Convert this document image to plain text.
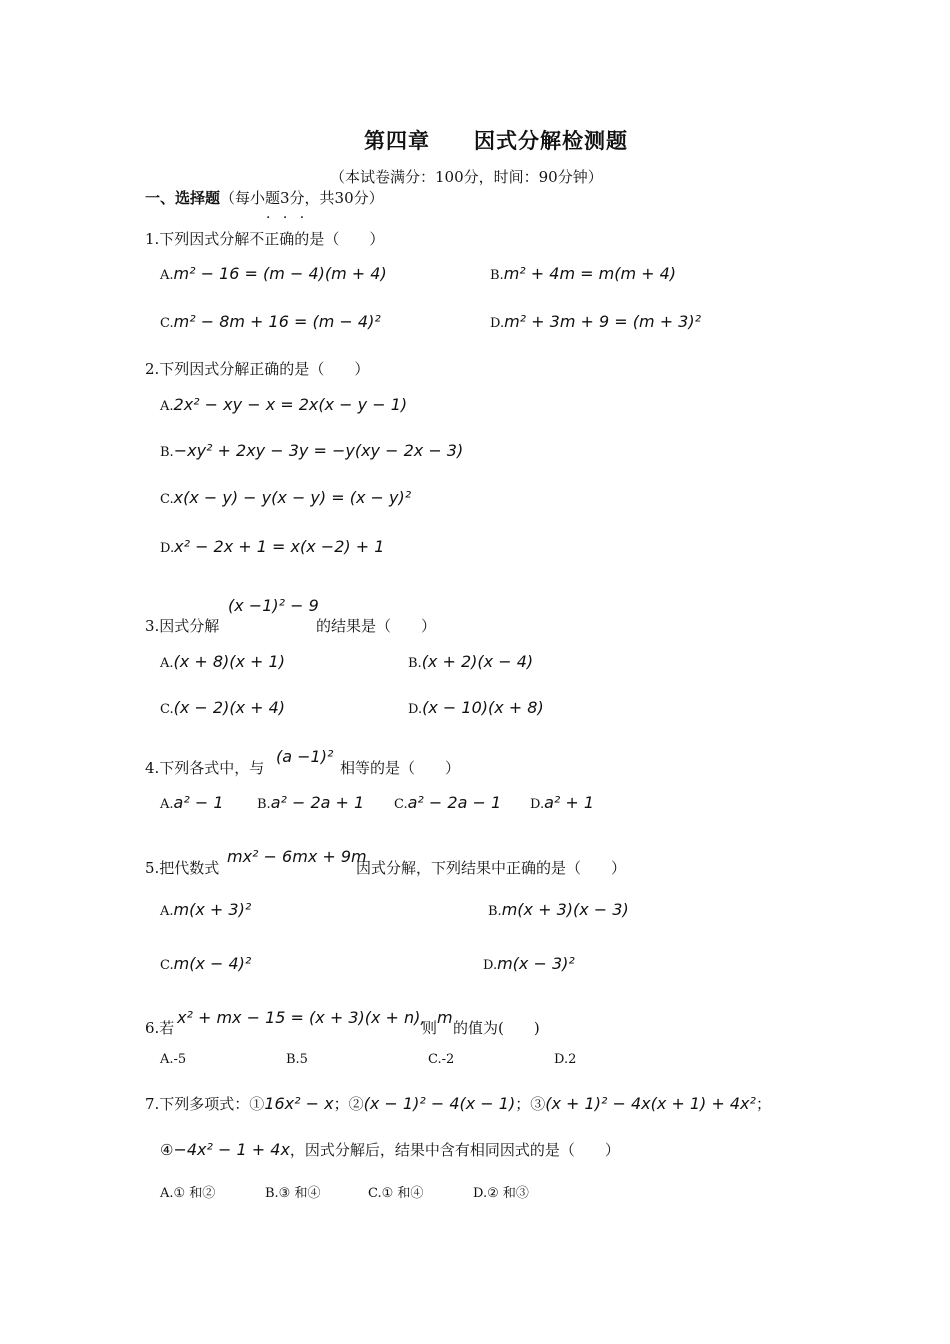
第四章　　因式分解检测题
（本试卷满分：100分，时间：90分钟）
一、选择题（每小题3分，共30分）
· · ·
1.下列因式分解不正确的是（　　）
A.m² − 16 = (m − 4)(m + 4)	B.m² + 4m = m(m + 4)
C.m² − 8m + 16 = (m − 4)²	D.m² + 3m + 9 = (m + 3)²
2.下列因式分解正确的是（　　）
A.2x² − xy − x = 2x(x − y − 1)
B.−xy² + 2xy − 3y = −y(xy − 2x − 3)
C.x(x − y) − y(x − y) = (x − y)²
D.x² − 2x + 1 = x(x −2) + 1
3.因式分解
(x −1)² − 9
的结果是（　　）
A.(x + 8)(x + 1)	B.(x + 2)(x − 4)
C.(x − 2)(x + 4)	D.(x − 10)(x + 8)
4.下列各式中，与
(a −1)²
相等的是（　　）
A.a² − 1	B.a² − 2a + 1 C.a² − 2a − 1 D.a² + 1
5.把代数式
mx² − 6mx + 9m
因式分解，下列结果中正确的是（　　）
A.m(x + 3)²	B.m(x + 3)(x − 3)
C.m(x − 4)²	D.m(x − 3)²
6.若
x² + mx − 15 = (x + 3)(x + n),
则
m
的值为(　　)
A.-5	B.5	C.-2	D.2
7.下列多项式：①16x² − x；②(x − 1)² − 4(x − 1)；③(x + 1)² − 4x(x + 1) + 4x²；
④−4x² − 1 + 4x，因式分解后，结果中含有相同因式的是（　　）
A.① 和②	B.③ 和④	C.① 和④	D.② 和③
